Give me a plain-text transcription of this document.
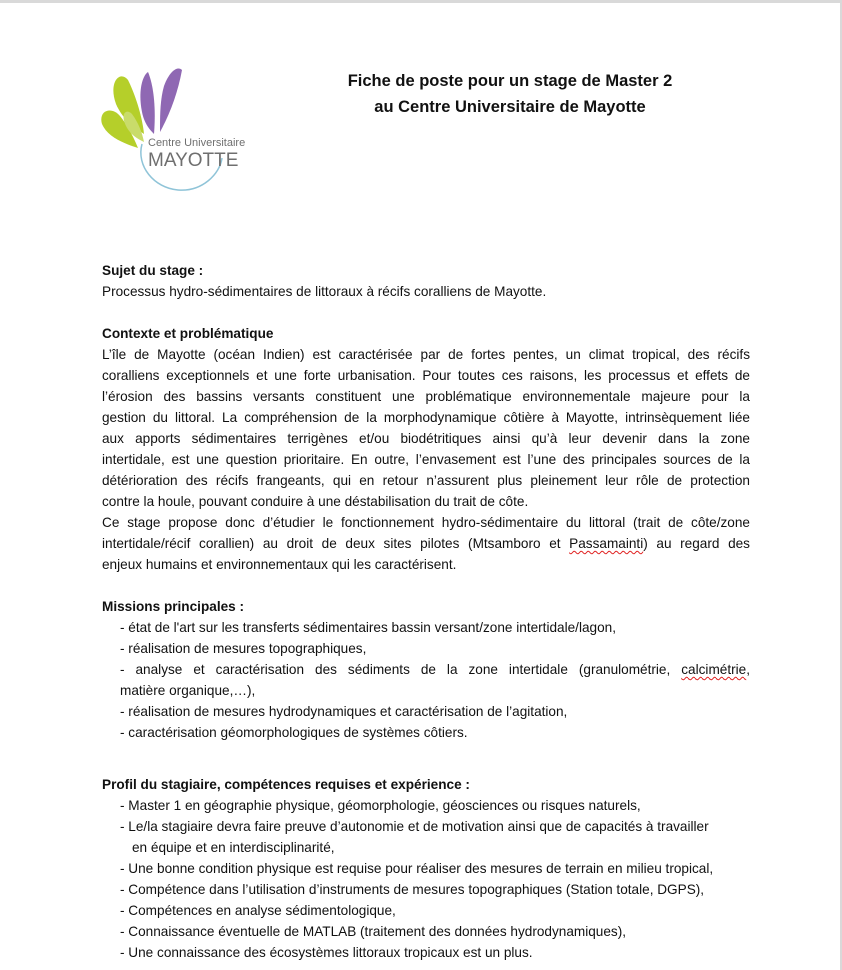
Centre Universitaire
MAYOTTE
Fiche de poste pour un stage de Master 2
au Centre Universitaire de Mayotte
Sujet du stage :
Processus hydro-sédimentaires de littoraux à récifs coralliens de Mayotte.
Contexte et problématique
L’île de Mayotte (océan Indien) est caractérisée par de fortes pentes, un climat tropical, des récifs
coralliens exceptionnels et une forte urbanisation. Pour toutes ces raisons, les processus et effets de
l’érosion des bassins versants constituent une problématique environnementale majeure pour la
gestion du littoral. La compréhension de la morphodynamique côtière à Mayotte, intrinsèquement liée
aux apports sédimentaires terrigènes et/ou biodétritiques ainsi qu’à leur devenir dans la zone
intertidale, est une question prioritaire. En outre, l’envasement est l’une des principales sources de la
détérioration des récifs frangeants, qui en retour n’assurent plus pleinement leur rôle de protection
contre la houle, pouvant conduire à une déstabilisation du trait de côte.
Ce stage propose donc d’étudier le fonctionnement hydro-sédimentaire du littoral (trait de côte/zone
intertidale/récif corallien) au droit de deux sites pilotes (Mtsamboro et Passamainti) au regard des
enjeux humains et environnementaux qui les caractérisent.
Missions principales :
- état de l'art sur les transferts sédimentaires bassin versant/zone intertidale/lagon,
- réalisation de mesures topographiques,
- analyse et caractérisation des sédiments de la zone intertidale (granulométrie, calcimétrie,
matière organique,…),
- réalisation de mesures hydrodynamiques et caractérisation de l’agitation,
- caractérisation géomorphologiques de systèmes côtiers.
Profil du stagiaire, compétences requises et expérience :
- Master 1 en géographie physique, géomorphologie, géosciences ou risques naturels,
- Le/la stagiaire devra faire preuve d’autonomie et de motivation ainsi que de capacités à travailler
en équipe et en interdisciplinarité,
- Une bonne condition physique est requise pour réaliser des mesures de terrain en milieu tropical,
- Compétence dans l’utilisation d’instruments de mesures topographiques (Station totale, DGPS),
- Compétences en analyse sédimentologique,
- Connaissance éventuelle de MATLAB (traitement des données hydrodynamiques),
- Une connaissance des écosystèmes littoraux tropicaux est un plus.
